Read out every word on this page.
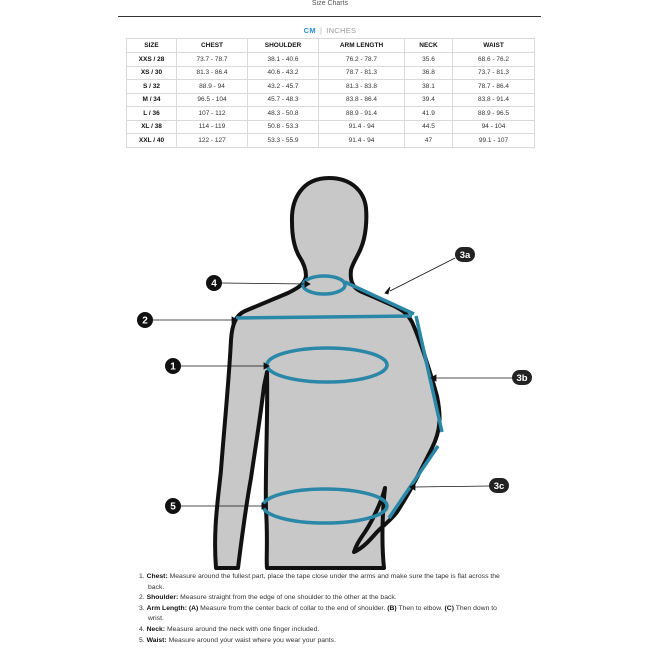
Size Charts
CM | INCHES
SIZE	CHEST	SHOULDER	ARM LENGTH	NECK	WAIST
XXS / 28	73.7 - 78.7	38.1 - 40.6	76.2 - 78.7	35.6	68.6 - 76.2
XS / 30	81.3 - 86.4	40.6 - 43.2	78.7 - 81.3	36.8	73.7 - 81.3
S / 32	88.9 - 94	43.2 - 45.7	81.3 - 83.8	38.1	78.7 - 86.4
M / 34	96.5 - 104	45.7 - 48.3	83.8 - 86.4	39.4	83.8 - 91.4
L / 36	107 - 112	48.3 - 50.8	88.9 - 91.4	41.9	88.9 - 96.5
XL / 38	114 - 119	50.8 - 53.3	91.4 - 94	44.5	94 - 104
XXL / 40	122 - 127	53.3 - 55.9	91.4 - 94	47	99.1 - 107
4
2
1
5
3a
3b
3c
1. Chest: Measure around the fullest part, place the tape close under the arms and make sure the tape is flat across the
back.
2. Shoulder: Measure straight from the edge of one shoulder to the other at the back.
3. Arm Length: (A) Measure from the center back of collar to the end of shoulder. (B) Then to elbow. (C) Then down to
wrist.
4. Neck: Measure around the neck with one finger included.
5. Waist: Measure around your waist where you wear your pants.
